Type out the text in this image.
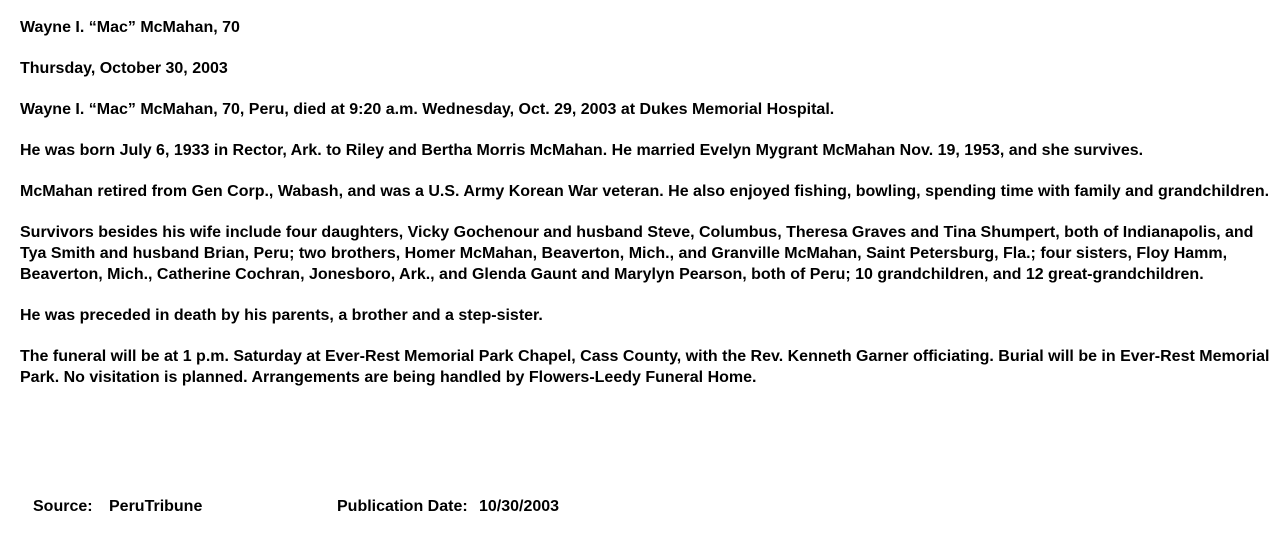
Wayne I. “Mac” McMahan, 70

Thursday, October 30, 2003

Wayne I. “Mac” McMahan, 70, Peru, died at 9:20 a.m. Wednesday, Oct. 29, 2003 at Dukes Memorial Hospital.

He was born July 6, 1933 in Rector, Ark. to Riley and Bertha Morris McMahan. He married Evelyn Mygrant McMahan Nov. 19, 1953, and she survives.

McMahan retired from Gen Corp., Wabash, and was a U.S. Army Korean War veteran. He also enjoyed fishing, bowling, spending time with family and grandchildren.

Survivors besides his wife include four daughters, Vicky Gochenour and husband Steve, Columbus, Theresa Graves and Tina Shumpert, both of Indianapolis, and Tya Smith and husband Brian, Peru; two brothers, Homer McMahan, Beaverton, Mich., and Granville McMahan, Saint Petersburg, Fla.; four sisters, Floy Hamm, Beaverton, Mich., Catherine Cochran, Jonesboro, Ark., and Glenda Gaunt and Marylyn Pearson, both of Peru; 10 grandchildren, and 12 great-grandchildren.

He was preceded in death by his parents, a brother and a step-sister.

The funeral will be at 1 p.m. Saturday at Ever-Rest Memorial Park Chapel, Cass County, with the Rev. Kenneth Garner officiating. Burial will be in Ever-Rest Memorial Park. No visitation is planned. Arrangements are being handled by Flowers-Leedy Funeral Home.

Source: PeruTribune	Publication Date: 10/30/2003
